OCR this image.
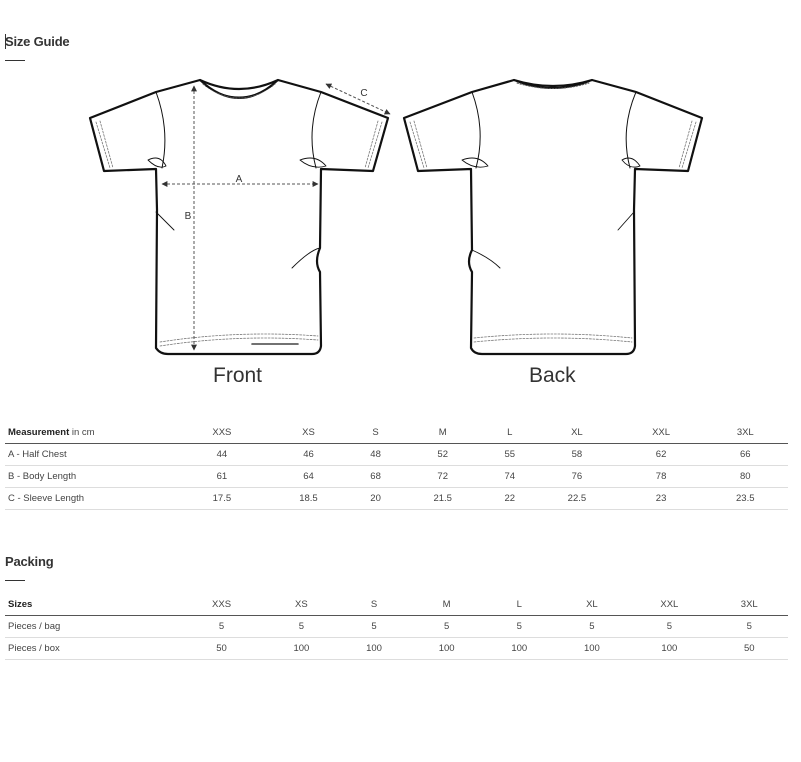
Size Guide
A
B
C
Front	Back
Measurement in cm	XXS	XS	S	M	L	XL	XXL	3XL
A - Half Chest	44	46	48	52	55	58	62	66
B - Body Length	61	64	68	72	74	76	78	80
C - Sleeve Length	17.5	18.5	20	21.5	22	22.5	23	23.5
Packing
Sizes	XXS	XS	S	M	L	XL	XXL	3XL
Pieces / bag	5	5	5	5	5	5	5	5
Pieces / box	50	100	100	100	100	100	100	50
